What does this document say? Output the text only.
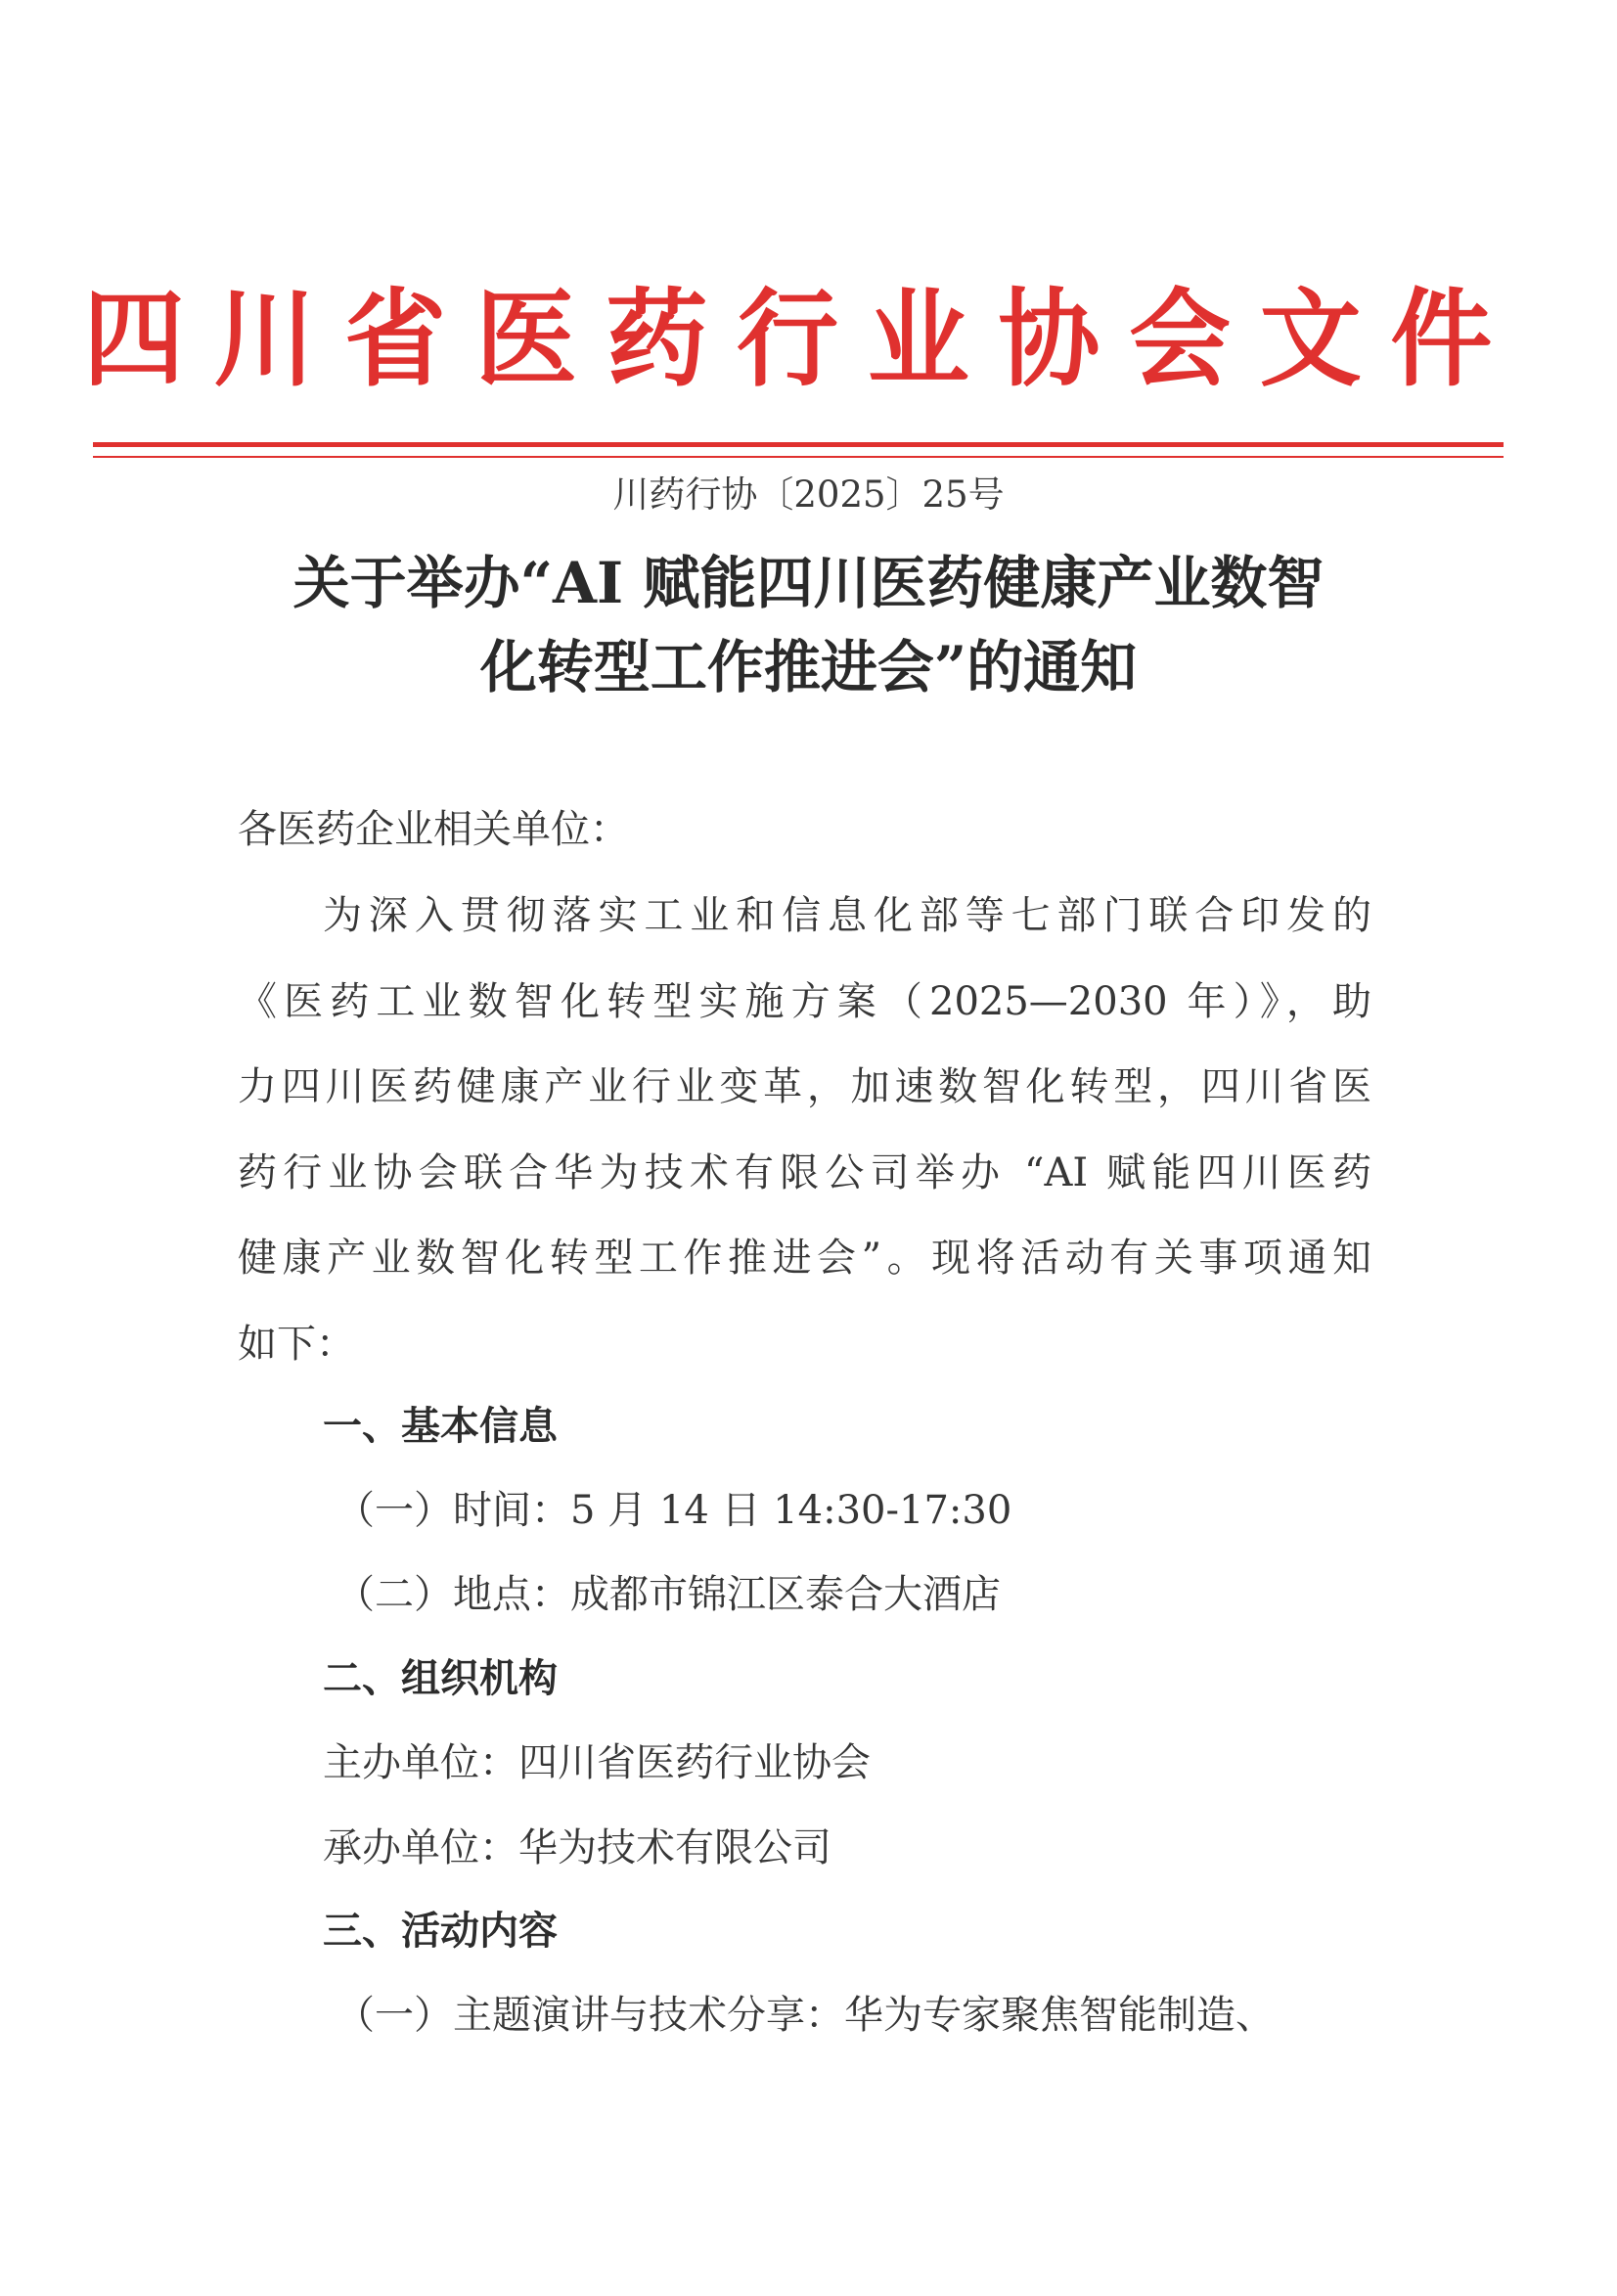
四川省医药行业协会文件
川药行协〔2025〕25号
关于举办“AI 赋能四川医药健康产业数智
化转型工作推进会”的通知
各医药企业相关单位：
为深入贯彻落实工业和信息化部等七部门联合印发的
《医药工业数智化转型实施方案（2025—2030 年）》，助
力四川医药健康产业行业变革，加速数智化转型，四川省医
药行业协会联合华为技术有限公司举办 “AI 赋能四川医药
健康产业数智化转型工作推进会”。现将活动有关事项通知
如下：
一、基本信息
（一）时间：5 月 14 日 14:30-17:30
（二）地点：成都市锦江区泰合大酒店
二、组织机构
主办单位：四川省医药行业协会
承办单位：华为技术有限公司
三、活动内容
（一）主题演讲与技术分享：华为专家聚焦智能制造、
